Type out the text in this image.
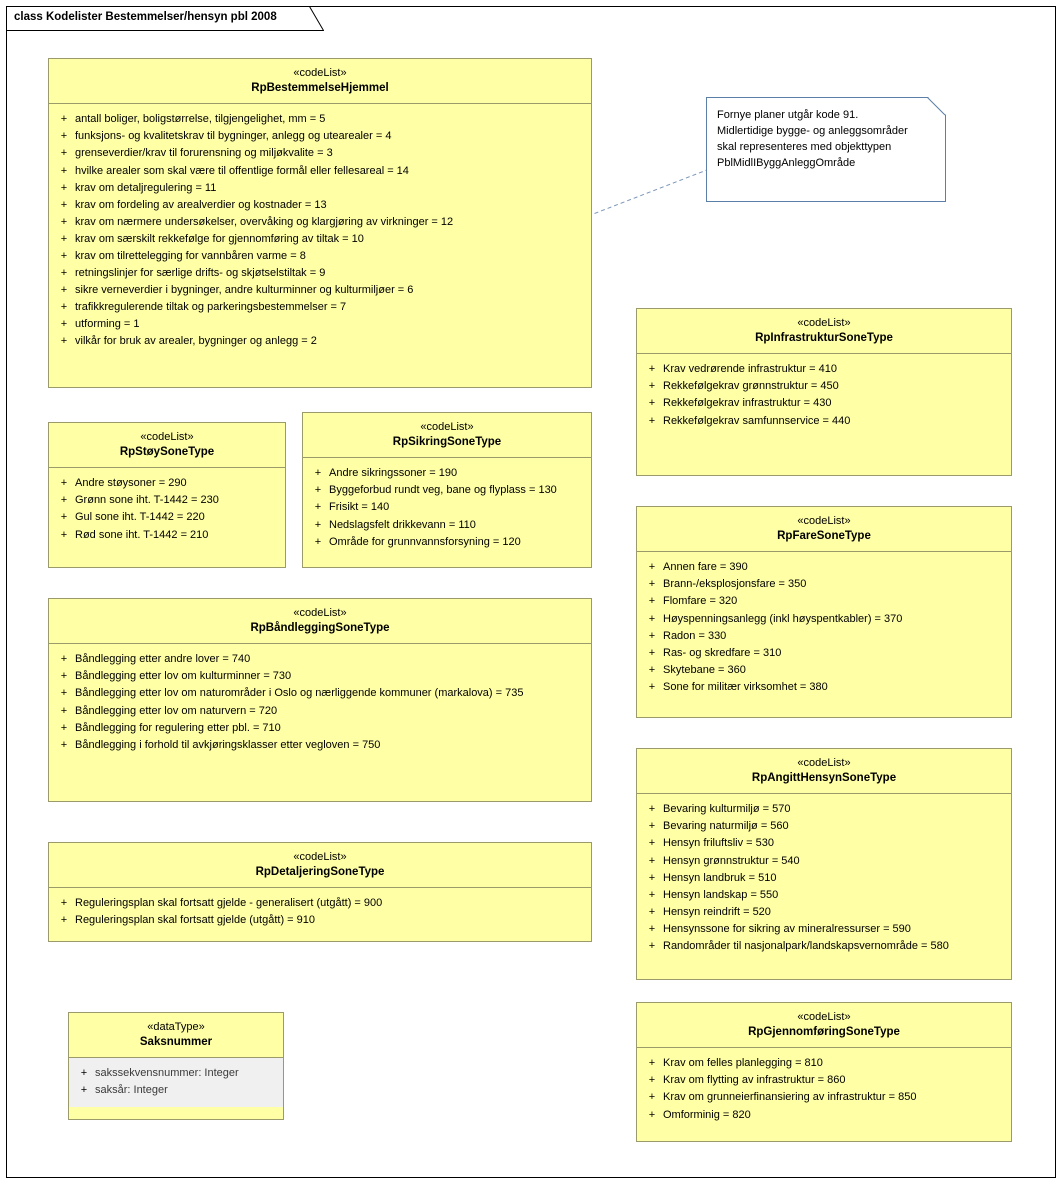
class Kodelister Bestemmelser/hensyn pbl 2008
«codeList»
RpBestemmelseHjemmel
+ antall boliger, boligstørrelse, tilgjengelighet, mm = 5
+ funksjons- og kvalitetskrav til bygninger, anlegg og utearealer = 4
+ grenseverdier/krav til forurensning og miljøkvalite = 3
+ hvilke arealer som skal være til offentlige formål eller fellesareal = 14
+ krav om detaljregulering = 11
+ krav om fordeling av arealverdier og kostnader = 13
+ krav om nærmere undersøkelser, overvåking og klargjøring av virkninger = 12
+ krav om særskilt rekkefølge for gjennomføring av tiltak = 10
+ krav om tilrettelegging for vannbåren varme = 8
+ retningslinjer for særlige drifts- og skjøtselstiltak = 9
+ sikre verneverdier i bygninger, andre kulturminner og kulturmiljøer = 6
+ trafikkregulerende tiltak og parkeringsbestemmelser = 7
+ utforming = 1
+ vilkår for bruk av arealer, bygninger og anlegg = 2
Fornye planer utgår kode 91.
Midlertidige bygge- og anleggsområder
skal representeres med objekttypen
PblMidlIByggAnleggOmråde
«codeList»
RpInfrastrukturSoneType
+ Krav vedrørende infrastruktur = 410
+ Rekkefølgekrav grønnstruktur = 450
+ Rekkefølgekrav infrastruktur = 430
+ Rekkefølgekrav samfunnservice = 440
«codeList»
RpStøySoneType
+ Andre støysoner = 290
+ Grønn sone iht. T-1442 = 230
+ Gul sone iht. T-1442 = 220
+ Rød sone iht. T-1442 = 210
«codeList»
RpSikringSoneType
+ Andre sikringssoner = 190
+ Byggeforbud rundt veg, bane og flyplass = 130
+ Frisikt = 140
+ Nedslagsfelt drikkevann = 110
+ Område for grunnvannsforsyning = 120
«codeList»
RpFareSoneType
+ Annen fare = 390
+ Brann-/eksplosjonsfare = 350
+ Flomfare = 320
+ Høyspenningsanlegg (inkl høyspentkabler) = 370
+ Radon = 330
+ Ras- og skredfare = 310
+ Skytebane = 360
+ Sone for militær virksomhet = 380
«codeList»
RpBåndleggingSoneType
+ Båndlegging etter andre lover = 740
+ Båndlegging etter lov om kulturminner = 730
+ Båndlegging etter lov om naturområder i Oslo og nærliggende kommuner (markalova) = 735
+ Båndlegging etter lov om naturvern = 720
+ Båndlegging for regulering etter pbl. = 710
+ Båndlegging i forhold til avkjøringsklasser etter vegloven = 750
«codeList»
RpAngittHensynSoneType
+ Bevaring kulturmiljø = 570
+ Bevaring naturmiljø = 560
+ Hensyn friluftsliv = 530
+ Hensyn grønnstruktur = 540
+ Hensyn landbruk = 510
+ Hensyn landskap = 550
+ Hensyn reindrift = 520
+ Hensynssone for sikring av mineralressurser = 590
+ Randområder til nasjonalpark/landskapsvernområde = 580
«codeList»
RpDetaljeringSoneType
+ Reguleringsplan skal fortsatt gjelde - generalisert (utgått) = 900
+ Reguleringsplan skal fortsatt gjelde (utgått) = 910
«codeList»
RpGjennomføringSoneType
+ Krav om felles planlegging = 810
+ Krav om flytting av infrastruktur = 860
+ Krav om grunneierfinansiering av infrastruktur = 850
+ Omforminig = 820
«dataType»
Saksnummer
+ sakssekvensnummer: Integer
+ saksår: Integer
